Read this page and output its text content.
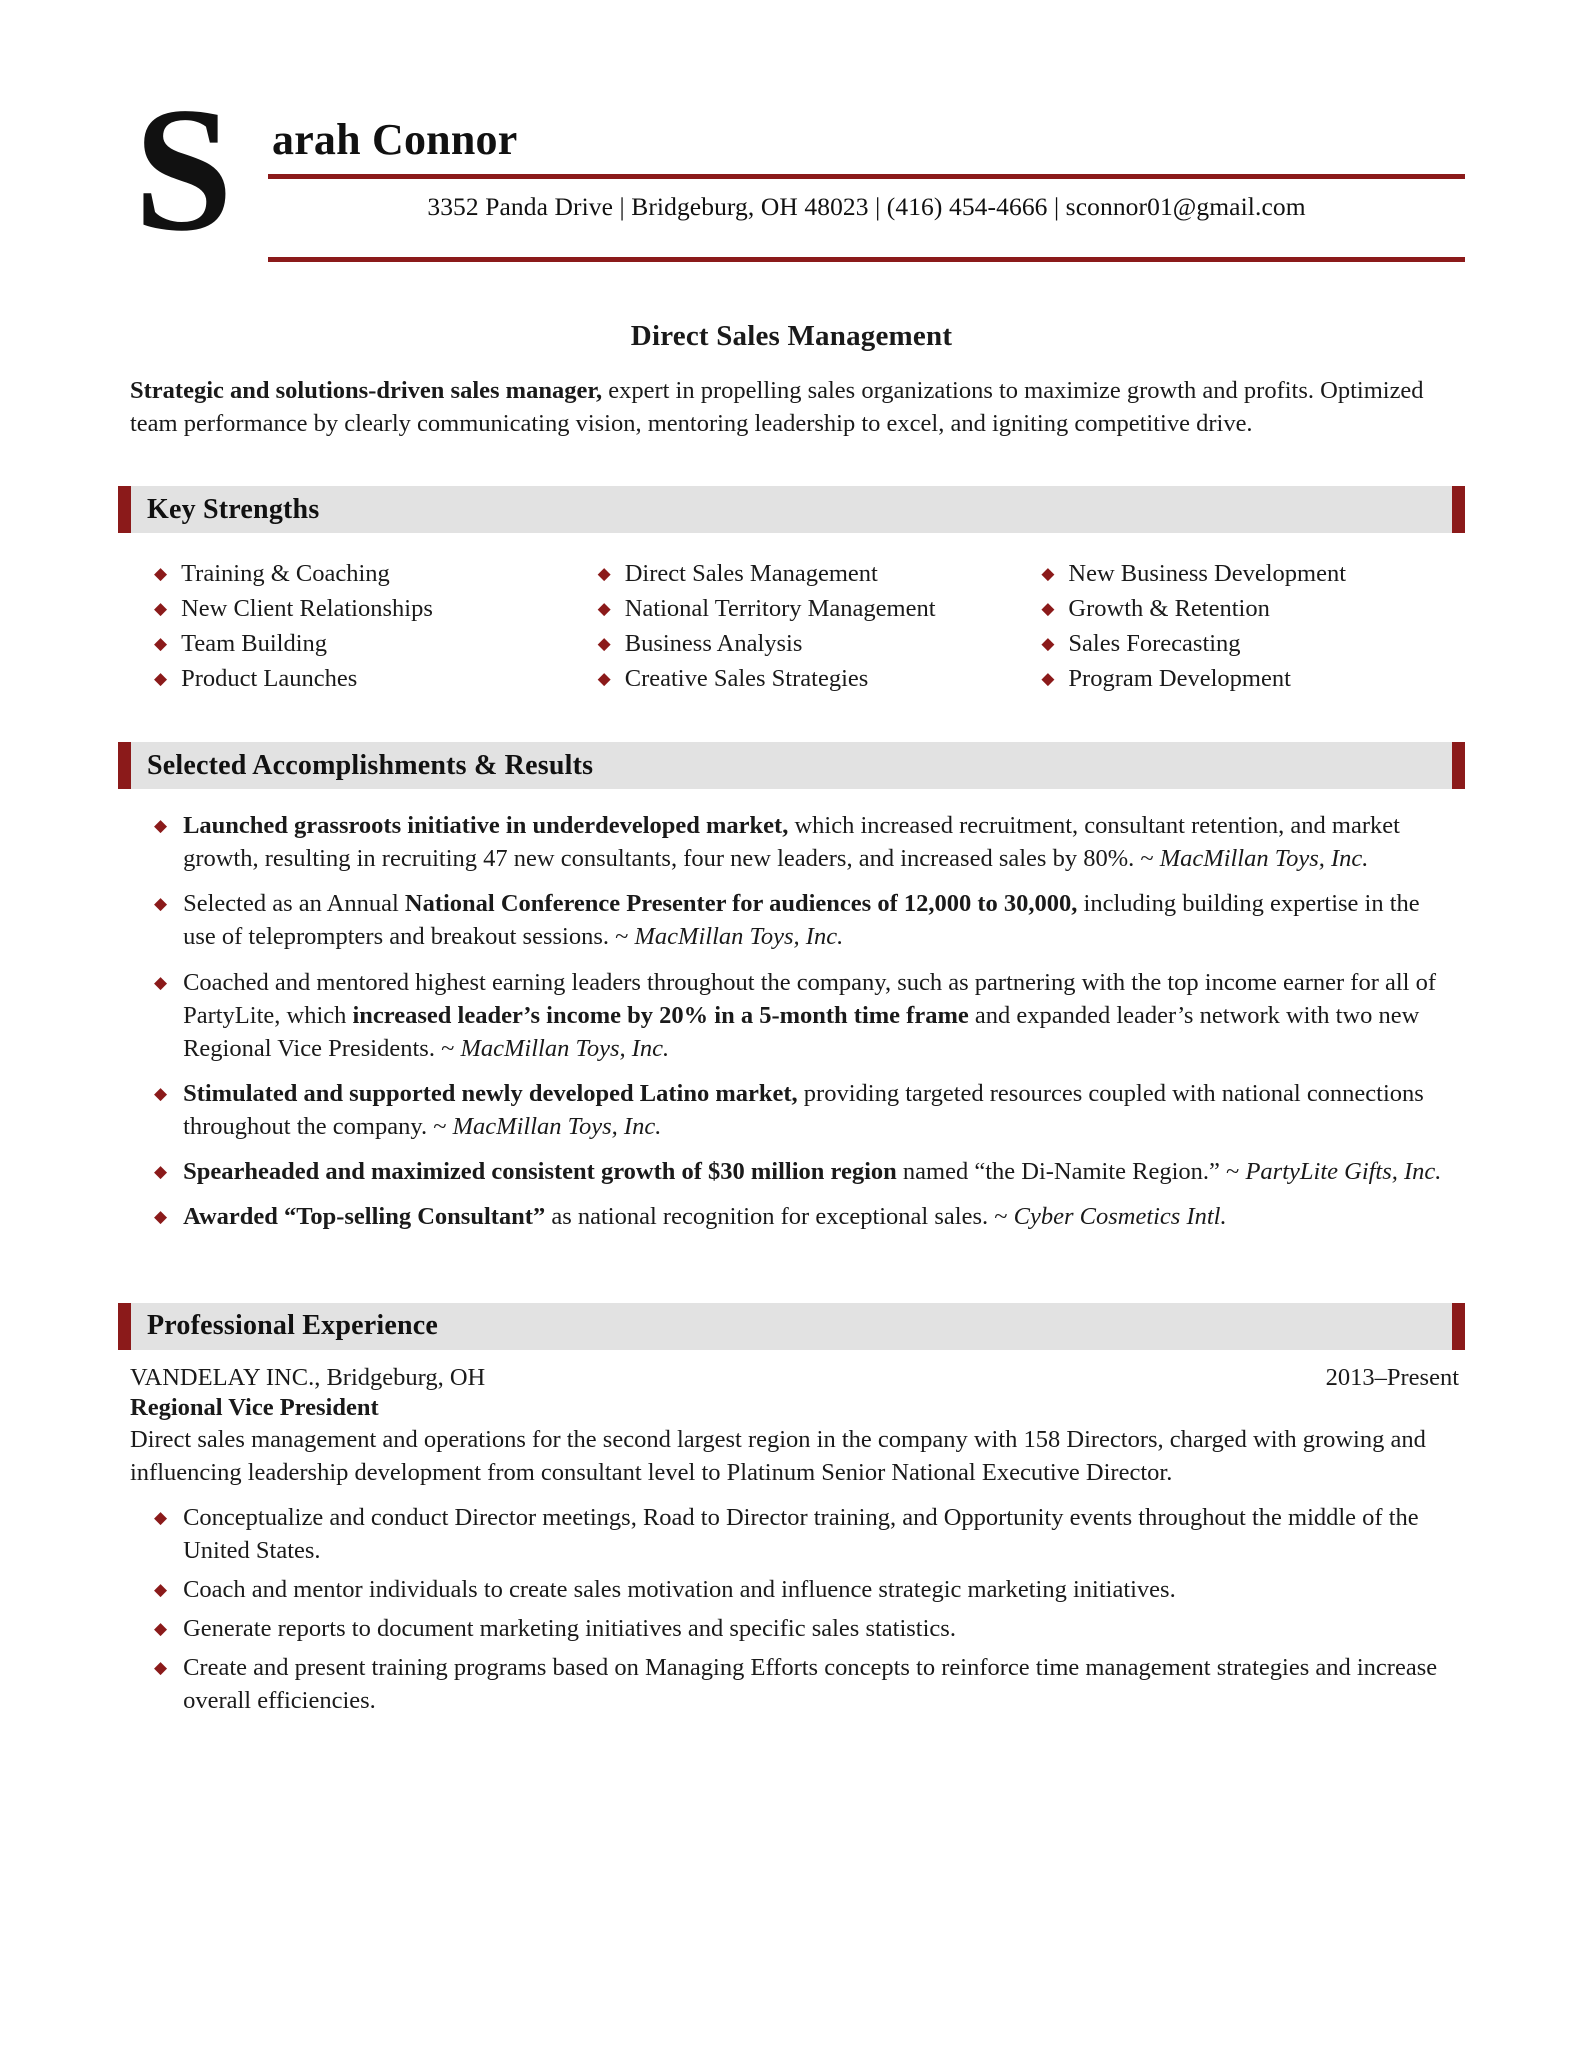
S arah Connor
3352 Panda Drive | Bridgeburg, OH 48023 | (416) 454-4666 | sconnor01@gmail.com
Direct Sales Management

Strategic and solutions-driven sales manager, expert in propelling sales organizations to maximize growth and profits. Optimized team performance by clearly communicating vision, mentoring leadership to excel, and igniting competitive drive.

Key Strengths
◆ Training & Coaching	◆ Direct Sales Management	◆ New Business Development
◆ New Client Relationships	◆ National Territory Management	◆ Growth & Retention
◆ Team Building	◆ Business Analysis	◆ Sales Forecasting
◆ Product Launches	◆ Creative Sales Strategies	◆ Program Development
Selected Accomplishments & Results
◆ Launched grassroots initiative in underdeveloped market, which increased recruitment, consultant retention, and market growth, resulting in recruiting 47 new consultants, four new leaders, and increased sales by 80%. ~ MacMillan Toys, Inc.
◆ Selected as an Annual National Conference Presenter for audiences of 12,000 to 30,000, including building expertise in the use of teleprompters and breakout sessions. ~ MacMillan Toys, Inc.
◆ Coached and mentored highest earning leaders throughout the company, such as partnering with the top income earner for all of PartyLite, which increased leader’s income by 20% in a 5-month time frame and expanded leader’s network with two new Regional Vice Presidents. ~ MacMillan Toys, Inc.
◆ Stimulated and supported newly developed Latino market, providing targeted resources coupled with national connections throughout the company. ~ MacMillan Toys, Inc.
◆ Spearheaded and maximized consistent growth of $30 million region named “the Di-Namite Region.” ~ PartyLite Gifts, Inc.
◆ Awarded “Top-selling Consultant” as national recognition for exceptional sales. ~ Cyber Cosmetics Intl.
Professional Experience
VANDELAY INC., Bridgeburg, OH	2013–Present
Regional Vice President
Direct sales management and operations for the second largest region in the company with 158 Directors, charged with growing and influencing leadership development from consultant level to Platinum Senior National Executive Director.
◆ Conceptualize and conduct Director meetings, Road to Director training, and Opportunity events throughout the middle of the United States.
◆ Coach and mentor individuals to create sales motivation and influence strategic marketing initiatives.
◆ Generate reports to document marketing initiatives and specific sales statistics.
◆ Create and present training programs based on Managing Efforts concepts to reinforce time management strategies and increase overall efficiencies.
